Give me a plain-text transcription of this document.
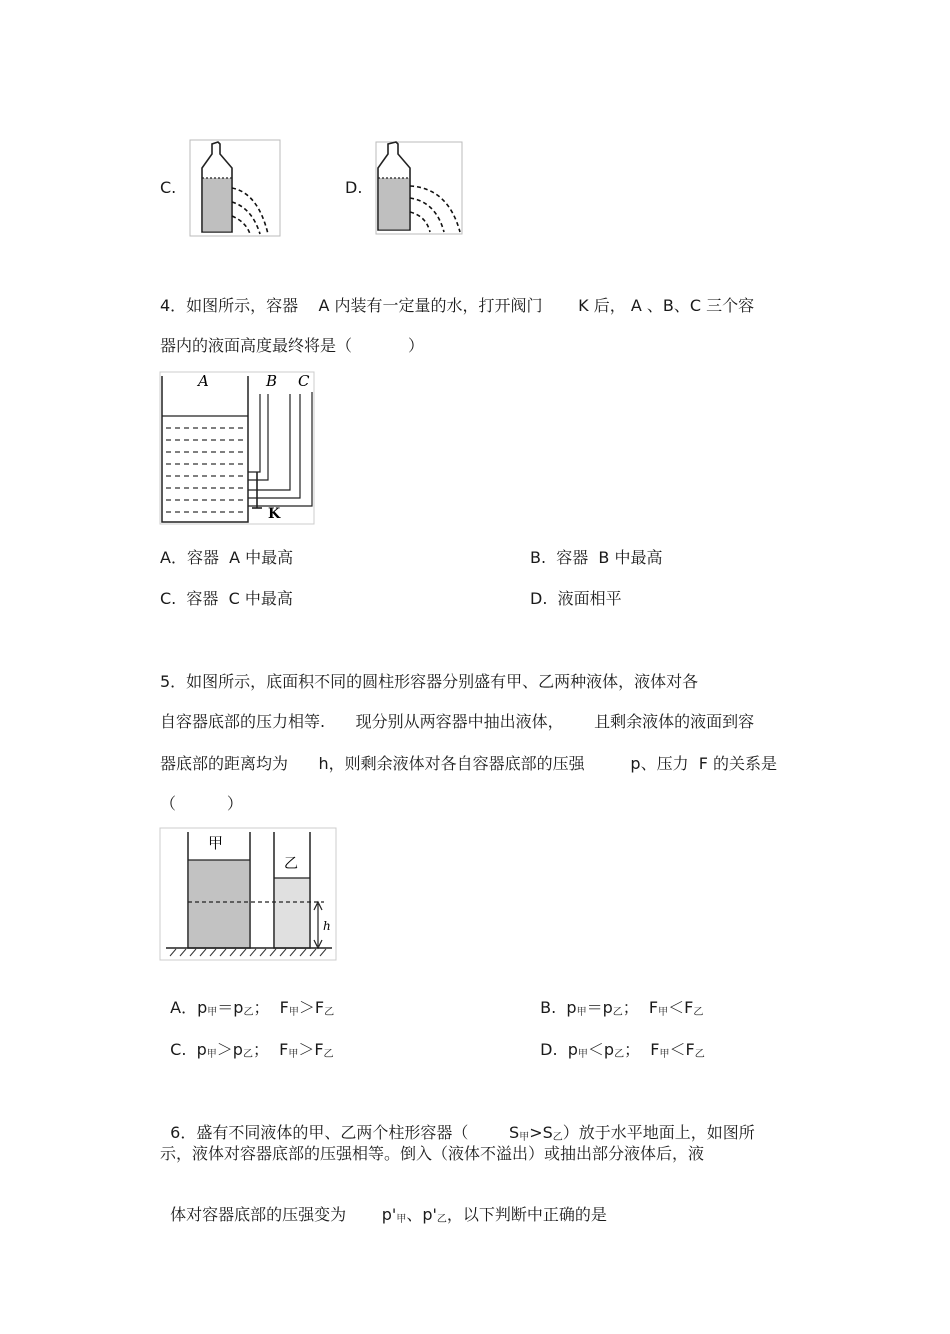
C.	D.
4．如图所示，容器    A 内装有一定量的水，打开阀门       K 后， A 、B、C 三个容
器内的液面高度最终将是（           ）
A	B C
K
A．容器  A 中最高	B.  容器  B 中最高
C.  容器  C 中最高	D.  液面相平
5．如图所示，底面积不同的圆柱形容器分别盛有甲、乙两种液体，液体对各
自容器底部的压力相等.      现分别从两容器中抽出液体，      且剩余液体的液面到容
器底部的距离均为      h，则剩余液体对各自容器底部的压强         p、压力  F 的关系是
（          ）
h
甲
乙

A．$p_甲=p_乙$；  $F_甲>F_乙$	B.  $p_甲=p_乙$；  $F_甲<F_乙$

C.  $p_甲>p_乙$；  $F_甲>F_乙$	D.  $p_甲<p_乙$；  $F_甲<F_乙$

6．盛有不同液体的甲、乙两个柱形容器（        $S_甲>S_乙$）放于水平地面上，如图所

示，液体对容器底部的压强相等。倒入（液体不溢出）或抽出部分液体后，液

体对容器底部的压强变为       $p'_甲$、$p'_乙$，以下判断中正确的是
